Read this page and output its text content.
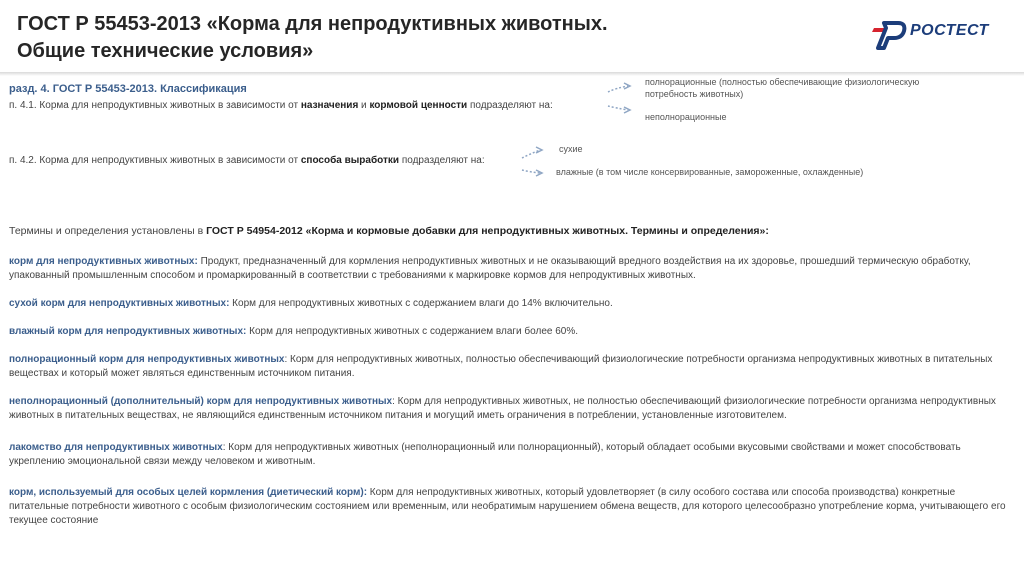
ГОСТ Р 55453-2013 «Корма для непродуктивных животных.
Общие технические условия»
РОСТЕСТ
разд. 4. ГОСТ Р 55453-2013. Классификация
п. 4.1. Корма для непродуктивных животных в зависимости от назначения и кормовой ценности подразделяют на:
полнорационные (полностью обеспечивающие физиологическую
потребность животных)
неполнорационные
п. 4.2. Корма для непродуктивных животных в зависимости от способа выработки подразделяют на:
сухие
влажные (в том числе консервированные, замороженные, охлажденные)
Термины и определения установлены в ГОСТ Р 54954-2012 «Корма и кормовые добавки для непродуктивных животных. Термины и определения»:
корм для непродуктивных животных: Продукт, предназначенный для кормления непродуктивных животных и не оказывающий вредного воздействия на их здоровье, прошедший термическую обработку, упакованный промышленным способом и промаркированный в соответствии с требованиями к маркировке кормов для непродуктивных животных.
сухой корм для непродуктивных животных: Корм для непродуктивных животных с содержанием влаги до 14% включительно.
влажный корм для непродуктивных животных: Корм для непродуктивных животных с содержанием влаги более 60%.
полнорационный корм для непродуктивных животных: Корм для непродуктивных животных, полностью обеспечивающий физиологические потребности организма непродуктивных животных в питательных веществах и который может являться единственным источником питания.
неполнорационный (дополнительный) корм для непродуктивных животных: Корм для непродуктивных животных, не полностью обеспечивающий физиологические потребности организма непродуктивных животных в питательных веществах, не являющийся единственным источником питания и могущий иметь ограничения в потреблении, установленные изготовителем.
лакомство для непродуктивных животных: Корм для непродуктивных животных (неполнорационный или полнорационный), который обладает особыми вкусовыми свойствами и может способствовать укреплению эмоциональной связи между человеком и животным.
корм, используемый для особых целей кормления (диетический корм): Корм для непродуктивных животных, который удовлетворяет (в силу особого состава или способа производства) конкретные питательные потребности животного с особым физиологическим состоянием или временным, или необратимым нарушением обмена веществ, для которого целесообразно употребление корма, учитывающего его текущее состояние
